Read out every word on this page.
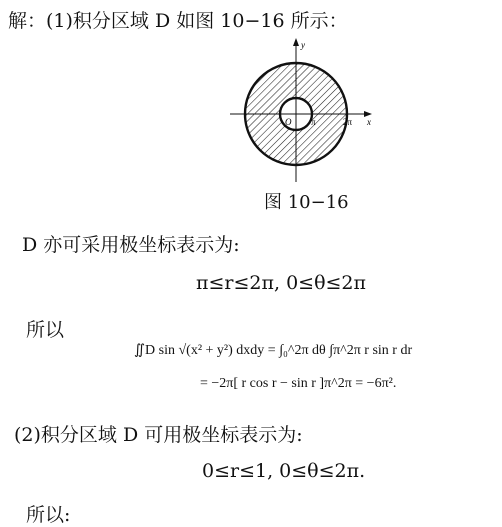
解：(1)积分区域 D 如图 10−16 所示：
y
x
O π	2π
图 10−16
D 亦可采用极坐标表示为:
π≤r≤2π, 0≤θ≤2π
所以
∬D sin √(x² + y²) dxdy = ∫₀^2π dθ ∫π^2π r sin r dr
= −2π[ r cos r − sin r ]π^2π = −6π².
(2)积分区域 D 可用极坐标表示为:
0≤r≤1, 0≤θ≤2π.
所以:
